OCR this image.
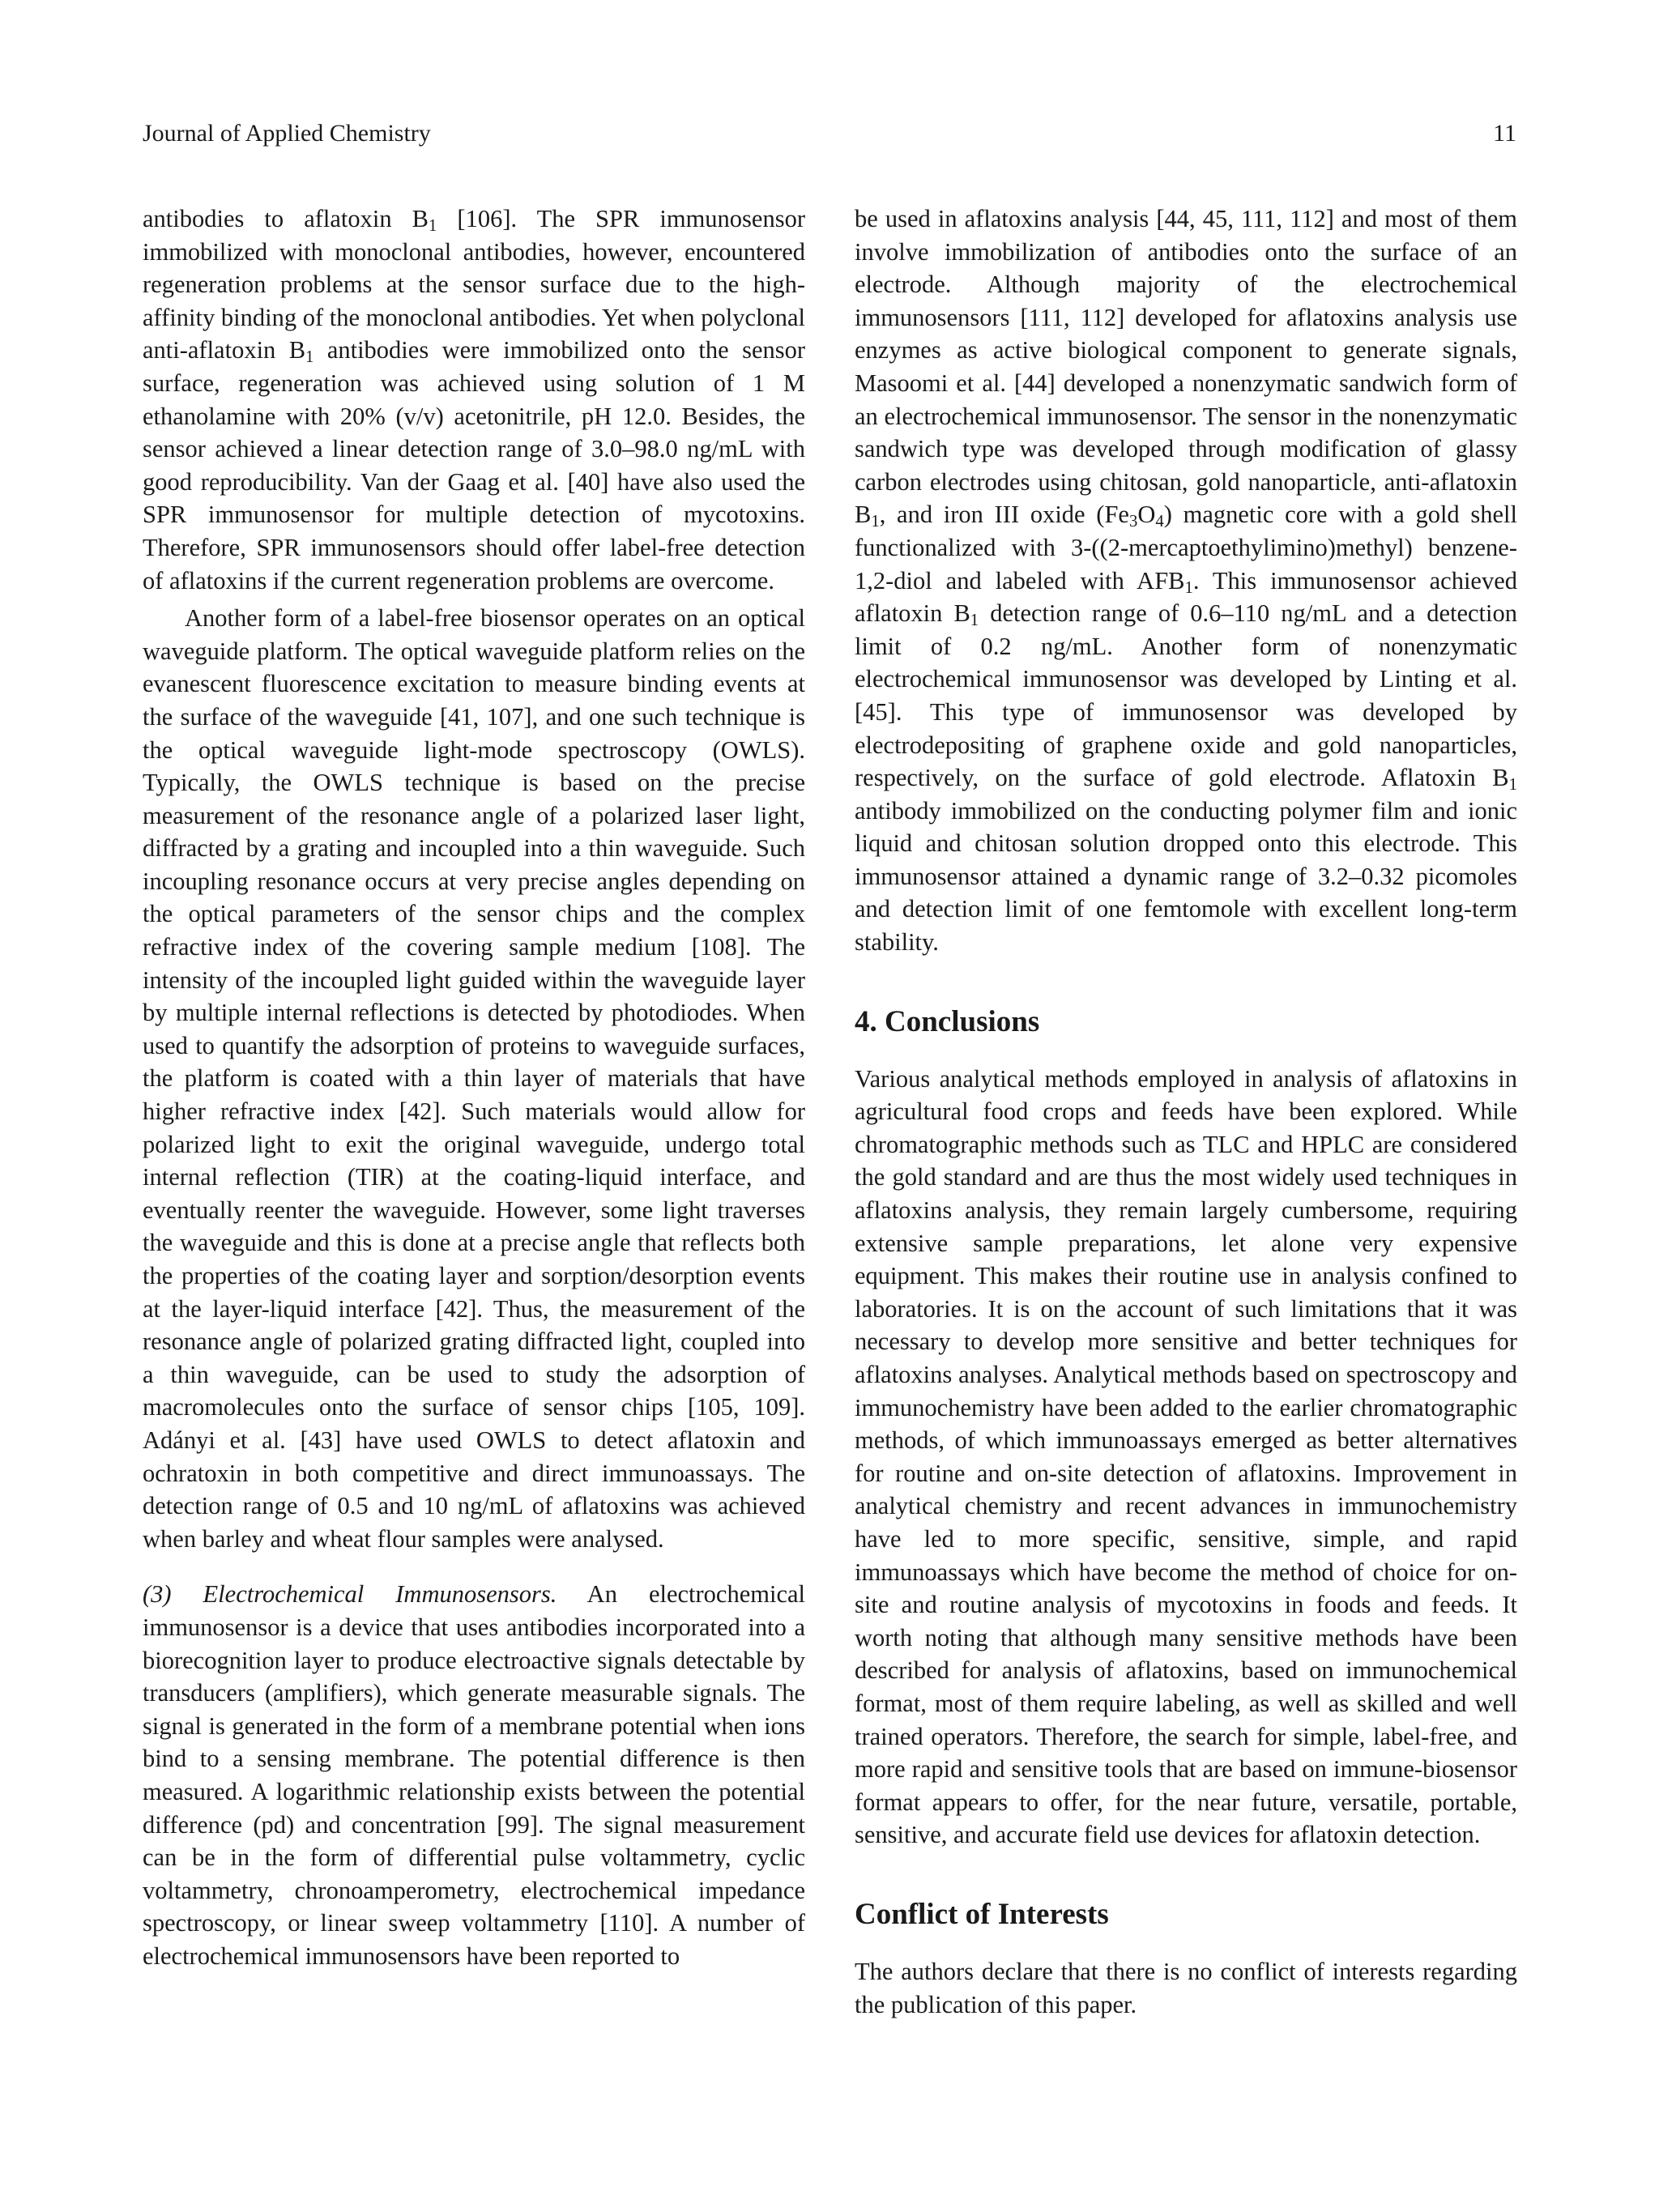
Journal of Applied Chemistry	11

antibodies to aflatoxin $B_1$ [106]. The SPR immunosensor immobilized with monoclonal antibodies, however, encountered regeneration problems at the sensor surface due to the high-affinity binding of the monoclonal antibodies. Yet when polyclonal anti-aflatoxin $B_1$ antibodies were immobilized onto the sensor surface, regeneration was achieved using solution of 1 M ethanolamine with 20% (v/v) acetonitrile, pH 12.0. Besides, the sensor achieved a linear detection range of 3.0–98.0 ng/mL with good reproducibility. Van der Gaag et al. [40] have also used the SPR immunosensor for multiple detection of mycotoxins. Therefore, SPR immunosensors should offer label-free detection of aflatoxins if the current regeneration problems are overcome.

Another form of a label-free biosensor operates on an optical waveguide platform. The optical waveguide platform relies on the evanescent fluorescence excitation to measure binding events at the surface of the waveguide [41, 107], and one such technique is the optical waveguide light-mode spectroscopy (OWLS). Typically, the OWLS technique is based on the precise measurement of the resonance angle of a polarized laser light, diffracted by a grating and incoupled into a thin waveguide. Such incoupling resonance occurs at very precise angles depending on the optical parameters of the sensor chips and the complex refractive index of the covering sample medium [108]. The intensity of the incoupled light guided within the waveguide layer by multiple internal reflections is detected by photodiodes. When used to quantify the adsorption of proteins to waveguide surfaces, the platform is coated with a thin layer of materials that have higher refractive index [42]. Such materials would allow for polarized light to exit the original waveguide, undergo total internal reflection (TIR) at the coating-liquid interface, and eventually reenter the waveguide. However, some light traverses the waveguide and this is done at a precise angle that reflects both the properties of the coating layer and sorption/desorption events at the layer-liquid interface [42]. Thus, the measurement of the resonance angle of polarized grating diffracted light, coupled into a thin waveguide, can be used to study the adsorption of macromolecules onto the surface of sensor chips [105, 109]. Adányi et al. [43] have used OWLS to detect aflatoxin and ochratoxin in both competitive and direct immunoassays. The detection range of 0.5 and 10 ng/mL of aflatoxins was achieved when barley and wheat flour samples were analysed.

(3) Electrochemical Immunosensors. An electrochemical immunosensor is a device that uses antibodies incorporated into a biorecognition layer to produce electroactive signals detectable by transducers (amplifiers), which generate measurable signals. The signal is generated in the form of a membrane potential when ions bind to a sensing membrane. The potential difference is then measured. A logarithmic relationship exists between the potential difference (pd) and concentration [99]. The signal measurement can be in the form of differential pulse voltammetry, cyclic voltammetry, chronoamperometry, electrochemical impedance spectroscopy, or linear sweep voltammetry [110]. A number of electrochemical immunosensors have been reported to

be used in aflatoxins analysis [44, 45, 111, 112] and most of them involve immobilization of antibodies onto the surface of an electrode. Although majority of the electrochemical immunosensors [111, 112] developed for aflatoxins analysis use enzymes as active biological component to generate signals, Masoomi et al. [44] developed a nonenzymatic sandwich form of an electrochemical immunosensor. The sensor in the nonenzymatic sandwich type was developed through modification of glassy carbon electrodes using chitosan, gold nanoparticle, anti-aflatoxin $B_1$, and iron III oxide $(Fe_3O_4)$ magnetic core with a gold shell functionalized with 3-((2-mercaptoethylimino)methyl) benzene-1,2-diol and labeled with $AFB_1$. This immunosensor achieved aflatoxin $B_1$ detection range of 0.6–110 ng/mL and a detection limit of 0.2 ng/mL. Another form of nonenzymatic electrochemical immunosensor was developed by Linting et al. [45]. This type of immunosensor was developed by electrodepositing of graphene oxide and gold nanoparticles, respectively, on the surface of gold electrode. Aflatoxin $B_1$ antibody immobilized on the conducting polymer film and ionic liquid and chitosan solution dropped onto this electrode. This immunosensor attained a dynamic range of 3.2–0.32 picomoles and detection limit of one femtomole with excellent long-term stability.

4. Conclusions

Various analytical methods employed in analysis of aflatoxins in agricultural food crops and feeds have been explored. While chromatographic methods such as TLC and HPLC are considered the gold standard and are thus the most widely used techniques in aflatoxins analysis, they remain largely cumbersome, requiring extensive sample preparations, let alone very expensive equipment. This makes their routine use in analysis confined to laboratories. It is on the account of such limitations that it was necessary to develop more sensitive and better techniques for aflatoxins analyses. Analytical methods based on spectroscopy and immunochemistry have been added to the earlier chromatographic methods, of which immunoassays emerged as better alternatives for routine and on-site detection of aflatoxins. Improvement in analytical chemistry and recent advances in immunochemistry have led to more specific, sensitive, simple, and rapid immunoassays which have become the method of choice for on-site and routine analysis of mycotoxins in foods and feeds. It worth noting that although many sensitive methods have been described for analysis of aflatoxins, based on immunochemical format, most of them require labeling, as well as skilled and well trained operators. Therefore, the search for simple, label-free, and more rapid and sensitive tools that are based on immune-biosensor format appears to offer, for the near future, versatile, portable, sensitive, and accurate field use devices for aflatoxin detection.

Conflict of Interests

The authors declare that there is no conflict of interests regarding the publication of this paper.
